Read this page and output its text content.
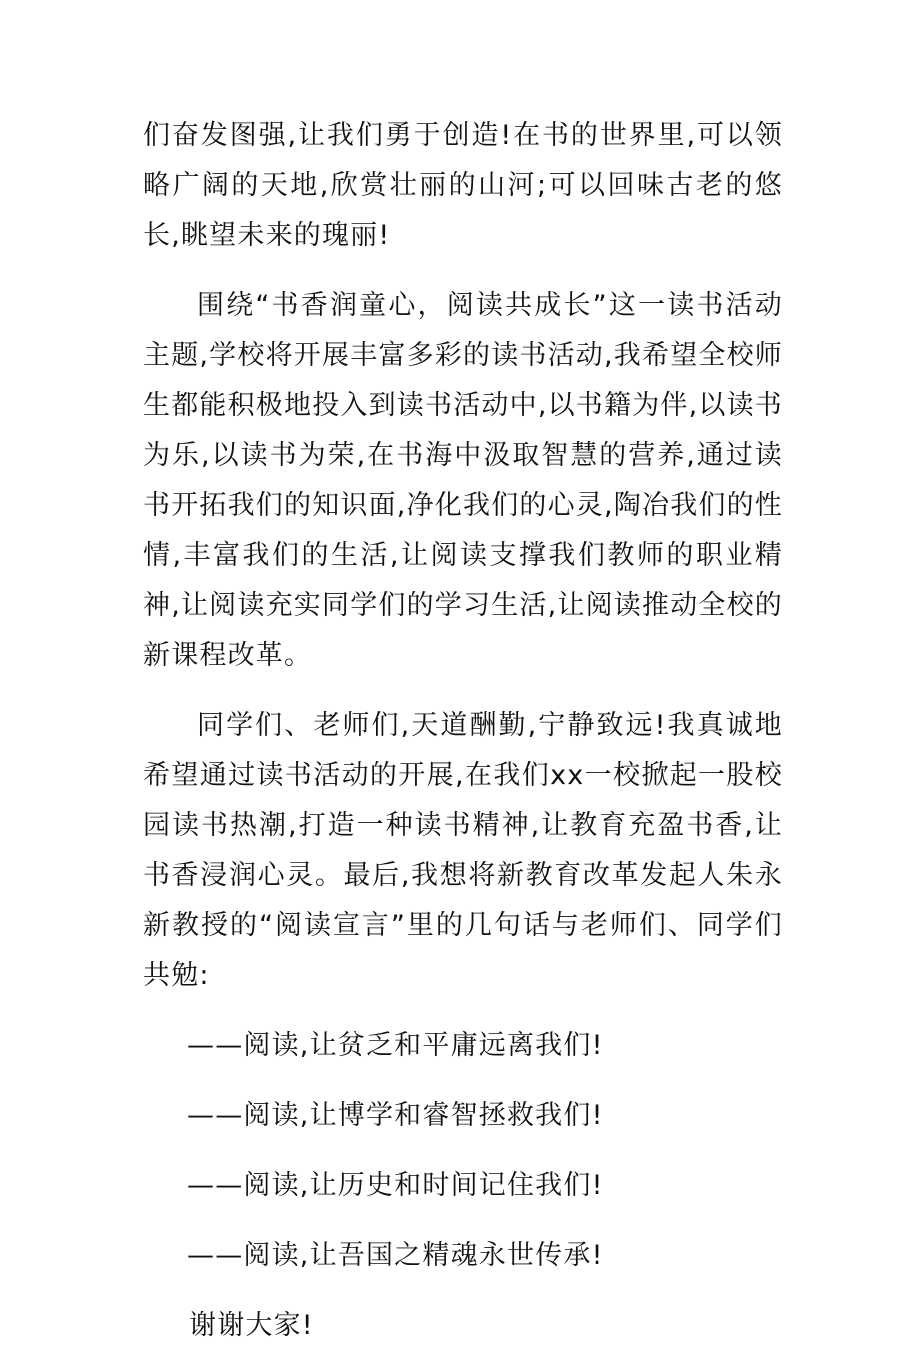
们奋发图强,让我们勇于创造!在书的世界里,可以领略广阔的天地,欣赏壮丽的山河;可以回味古老的悠长,眺望未来的瑰丽!

围绕“书香润童心，阅读共成长”这一读书活动主题,学校将开展丰富多彩的读书活动,我希望全校师生都能积极地投入到读书活动中,以书籍为伴,以读书为乐,以读书为荣,在书海中汲取智慧的营养,通过读书开拓我们的知识面,净化我们的心灵,陶冶我们的性情,丰富我们的生活,让阅读支撑我们教师的职业精神,让阅读充实同学们的学习生活,让阅读推动全校的新课程改革。

同学们、老师们,天道酬勤,宁静致远!我真诚地希望通过读书活动的开展,在我们xx一校掀起一股校园读书热潮,打造一种读书精神,让教育充盈书香,让书香浸润心灵。最后,我想将新教育改革发起人朱永新教授的“阅读宣言”里的几句话与老师们、同学们共勉:

——阅读,让贫乏和平庸远离我们!

——阅读,让博学和睿智拯救我们!

——阅读,让历史和时间记住我们!

——阅读,让吾国之精魂永世传承!

谢谢大家!
